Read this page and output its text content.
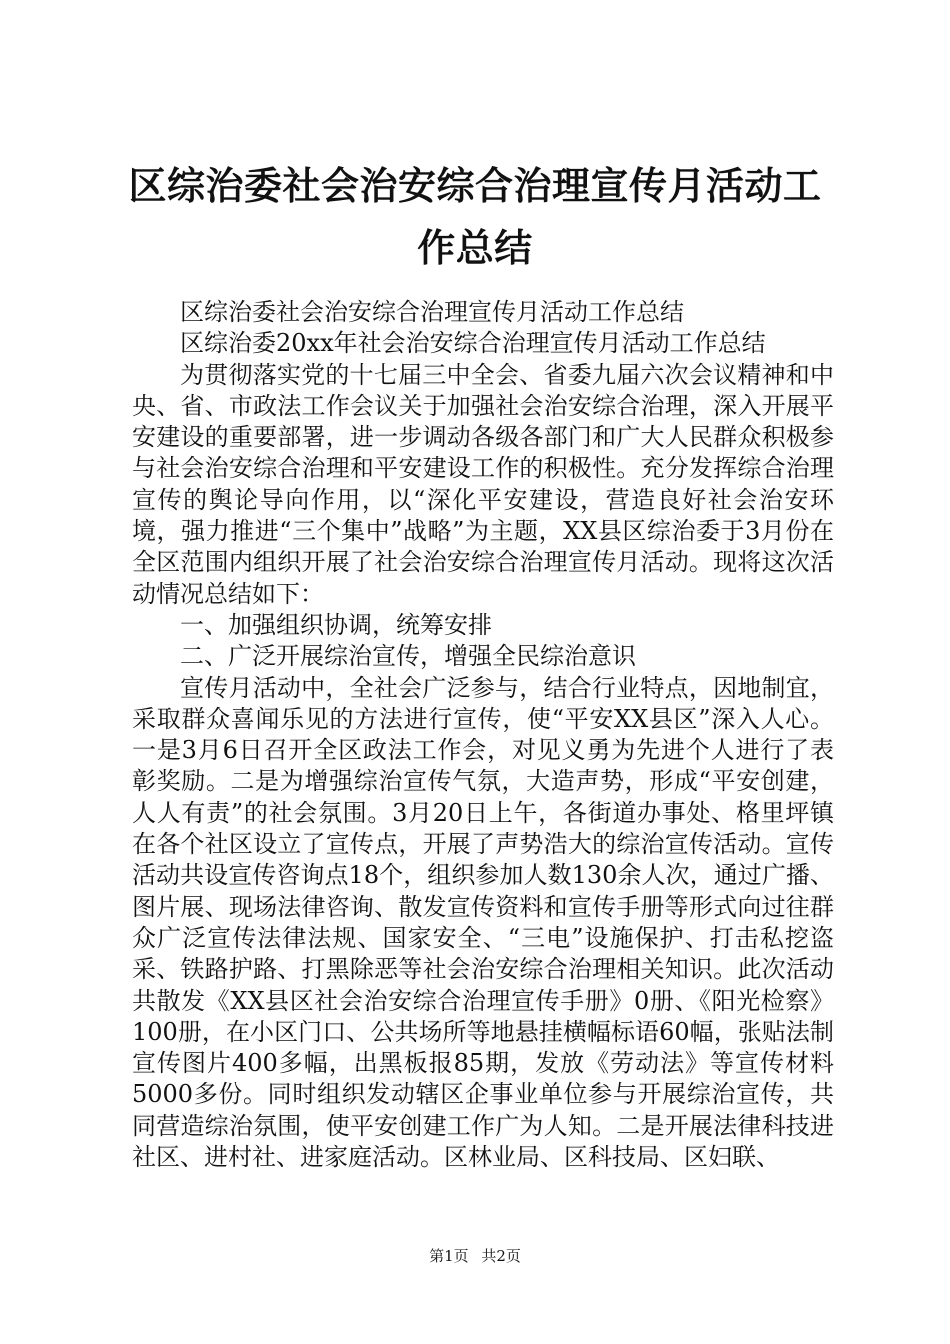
区综治委社会治安综合治理宣传月活动工作总结

区综治委社会治安综合治理宣传月活动工作总结

区综治委20xx年社会治安综合治理宣传月活动工作总结

为贯彻落实党的十七届三中全会、省委九届六次会议精神和中央、省、市政法工作会议关于加强社会治安综合治理，深入开展平安建设的重要部署，进一步调动各级各部门和广大人民群众积极参与社会治安综合治理和平安建设工作的积极性。充分发挥综合治理宣传的舆论导向作用，以“深化平安建设，营造良好社会治安环境，强力推进“三个集中”战略”为主题，XX县区综治委于3月份在全区范围内组织开展了社会治安综合治理宣传月活动。现将这次活动情况总结如下：

一、加强组织协调，统筹安排

二、广泛开展综治宣传，增强全民综治意识

宣传月活动中，全社会广泛参与，结合行业特点，因地制宜，采取群众喜闻乐见的方法进行宣传，使“平安XX县区”深入人心。一是3月6日召开全区政法工作会，对见义勇为先进个人进行了表彰奖励。二是为增强综治宣传气氛，大造声势，形成“平安创建，人人有责”的社会氛围。3月20日上午，各街道办事处、格里坪镇在各个社区设立了宣传点，开展了声势浩大的综治宣传活动。宣传活动共设宣传咨询点18个，组织参加人数130余人次，通过广播、图片展、现场法律咨询、散发宣传资料和宣传手册等形式向过往群众广泛宣传法律法规、国家安全、“三电”设施保护、打击私挖盗采、铁路护路、打黑除恶等社会治安综合治理相关知识。此次活动共散发《XX县区社会治安综合治理宣传手册》0册、《阳光检察》100册，在小区门口、公共场所等地悬挂横幅标语60幅，张贴法制宣传图片400多幅，出黑板报85期，发放《劳动法》等宣传材料5000多份。同时组织发动辖区企事业单位参与开展综治宣传，共同营造综治氛围，使平安创建工作广为人知。二是开展法律科技进社区、进村社、进家庭活动。区林业局、区科技局、区妇联、

第1页 共2页
